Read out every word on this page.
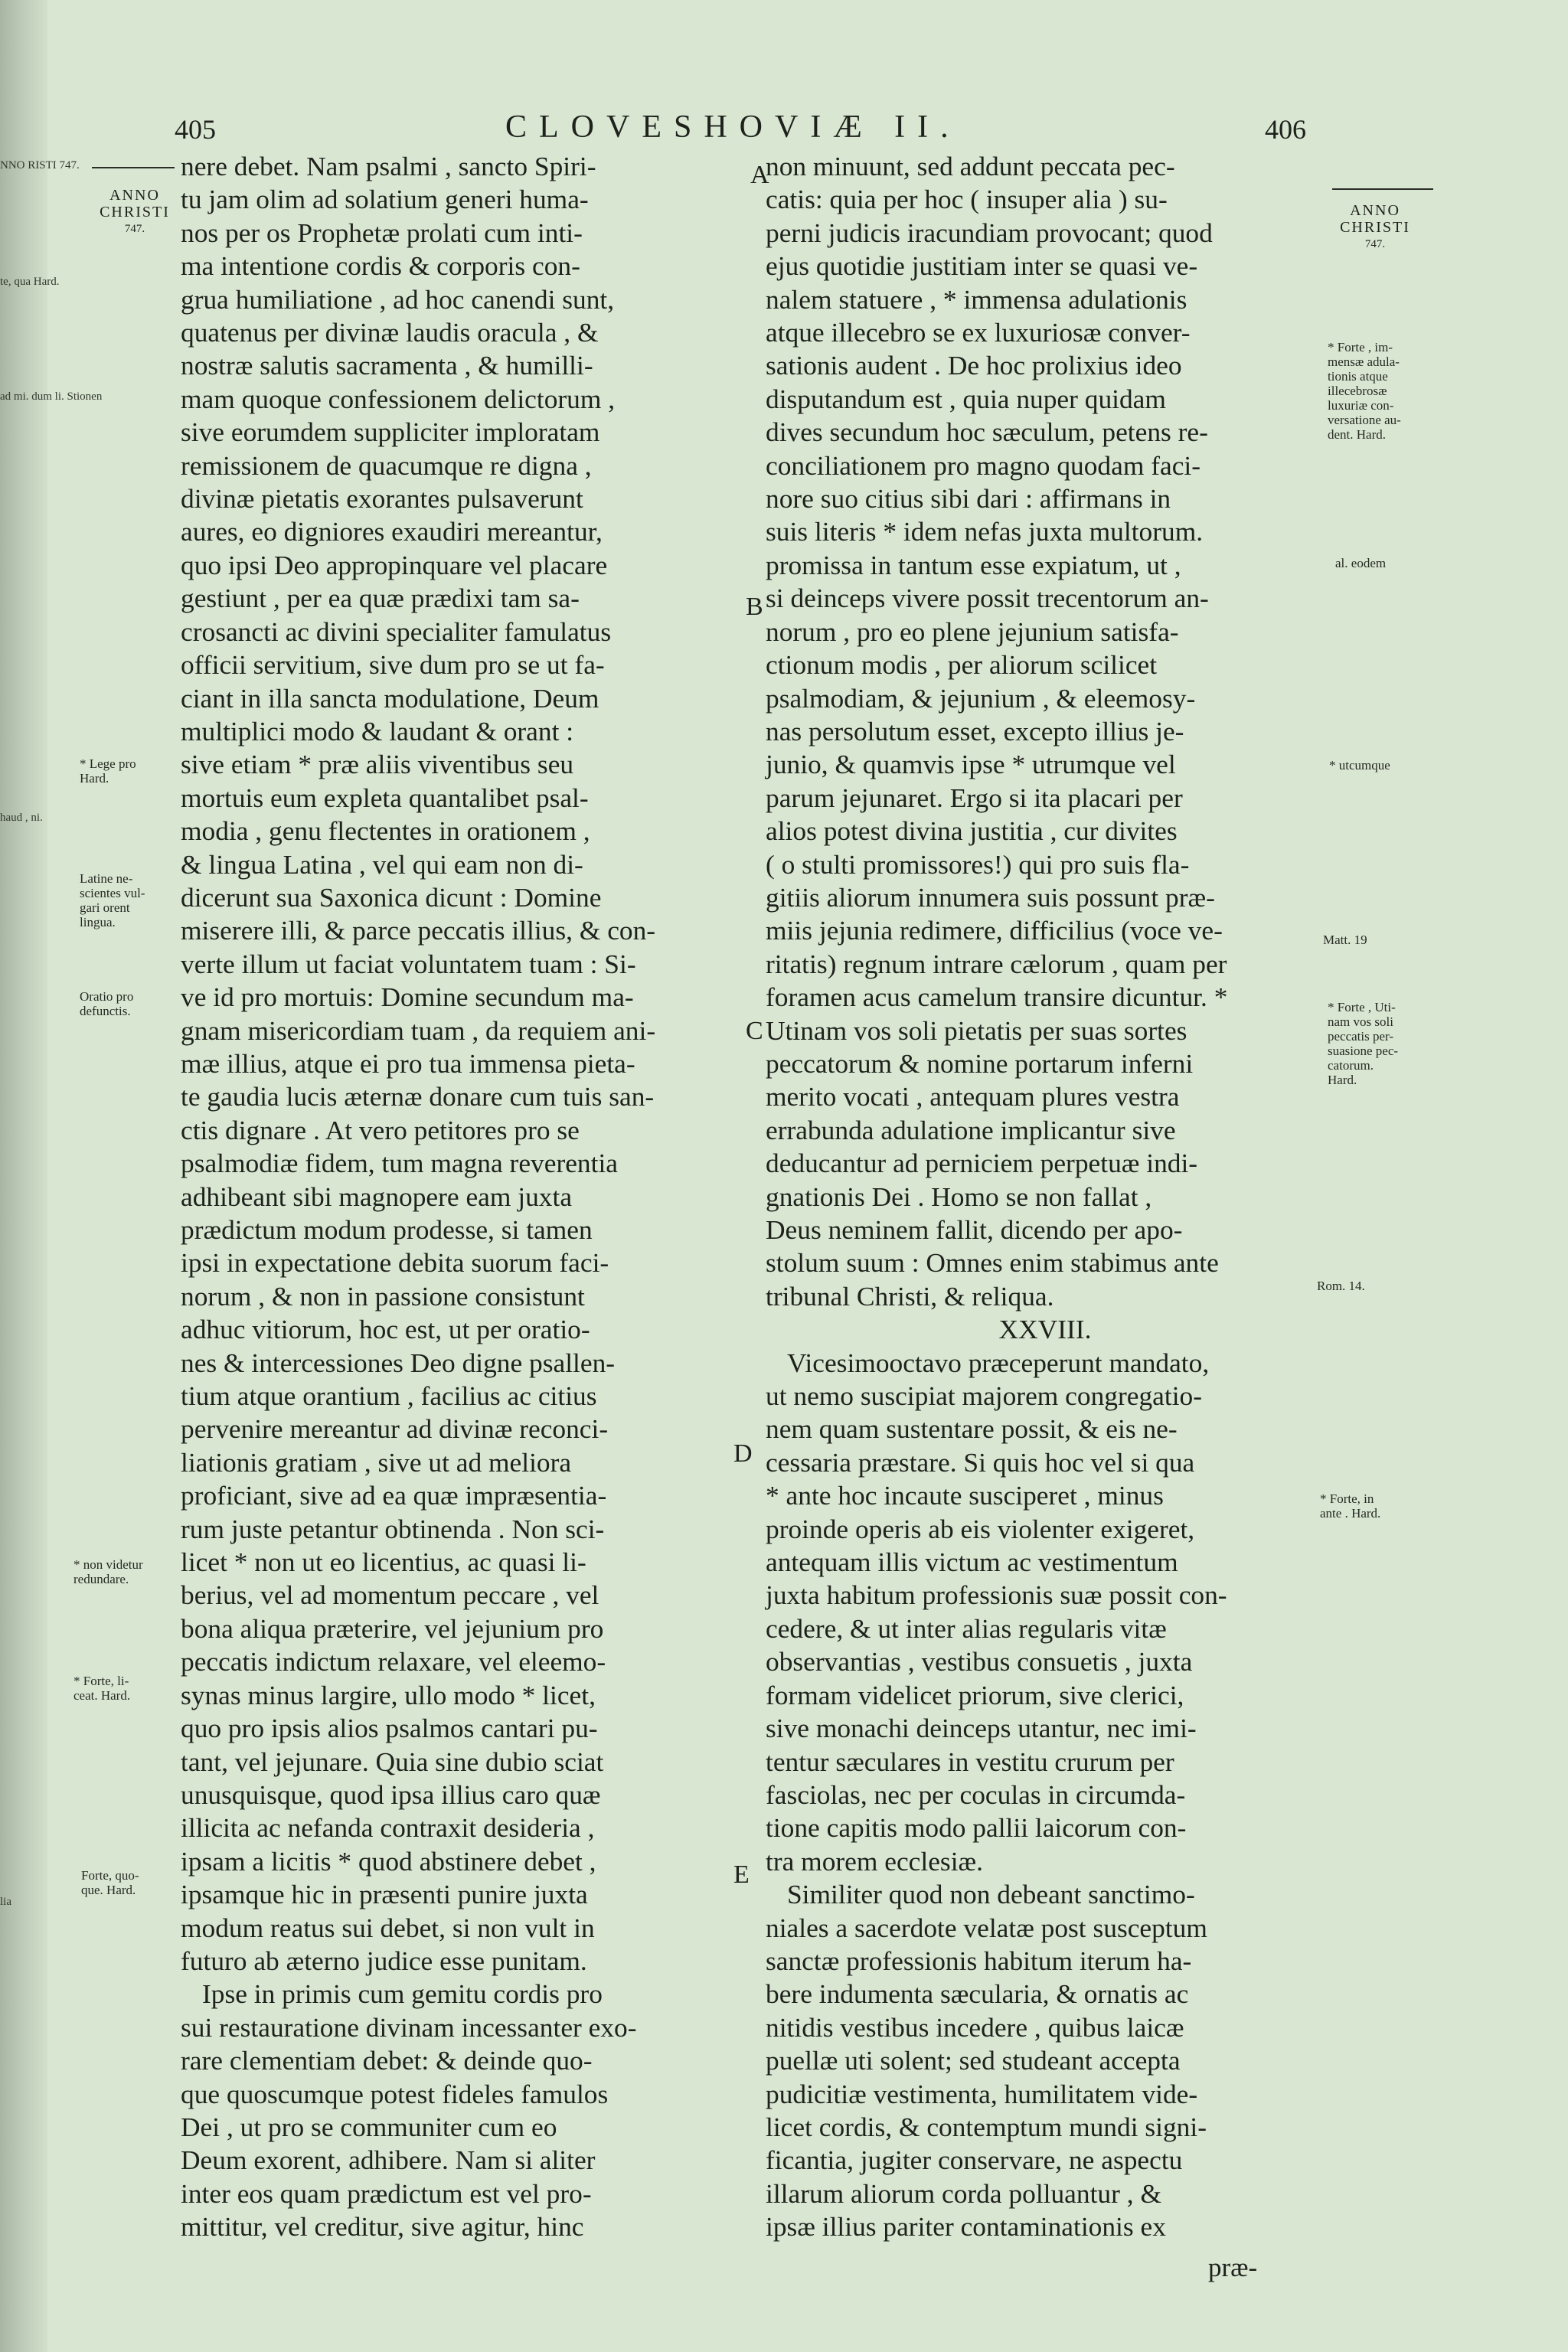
NNO RISTI 747.
te, qua Hard.
ad mi. dum li. Stionen
haud , ni.
lia
405	CLOVESHOVIÆ II.	406
ANNO
CHRISTI
747.
ANNO
CHRISTI
747.

nere debet. Nam psalmi , sancto Spiri-

tu jam olim ad solatium generi huma-

nos per os Prophetæ prolati cum inti-

ma intentione cordis & corporis con-

grua humiliatione , ad hoc canendi sunt,

quatenus per divinæ laudis oracula , &

nostræ salutis sacramenta , & humilli-

mam quoque confessionem delictorum ,

sive eorumdem suppliciter imploratam

remissionem de quacumque re digna ,

divinæ pietatis exorantes pulsaverunt

aures, eo digniores exaudiri mereantur,

quo ipsi Deo appropinquare vel placare

gestiunt , per ea quæ prædixi tam sa-

crosancti ac divini specialiter famulatus

officii servitium, sive dum pro se ut fa-

ciant in illa sancta modulatione, Deum

multiplici modo & laudant & orant :

sive etiam * præ aliis viventibus seu

mortuis eum expleta quantalibet psal-

modia , genu flectentes in orationem ,

& lingua Latina , vel qui eam non di-

dicerunt sua Saxonica dicunt : Domine

miserere illi, & parce peccatis illius, & con-

verte illum ut faciat voluntatem tuam : Si-

ve id pro mortuis: Domine secundum ma-

gnam misericordiam tuam , da requiem ani-

mæ illius, atque ei pro tua immensa pieta-

te gaudia lucis æternæ donare cum tuis san-

ctis dignare . At vero petitores pro se

psalmodiæ fidem, tum magna reverentia

adhibeant sibi magnopere eam juxta

prædictum modum prodesse, si tamen

ipsi in expectatione debita suorum faci-

norum , & non in passione consistunt

adhuc vitiorum, hoc est, ut per oratio-

nes & intercessiones Deo digne psallen-

tium atque orantium , facilius ac citius

pervenire mereantur ad divinæ reconci-

liationis gratiam , sive ut ad meliora

proficiant, sive ad ea quæ impræsentia-

rum juste petantur obtinenda . Non sci-

licet * non ut eo licentius, ac quasi li-

berius, vel ad momentum peccare , vel

bona aliqua præterire, vel jejunium pro

peccatis indictum relaxare, vel eleemo-

synas minus largire, ullo modo * licet,

quo pro ipsis alios psalmos cantari pu-

tant, vel jejunare. Quia sine dubio sciat

unusquisque, quod ipsa illius caro quæ

illicita ac nefanda contraxit desideria ,

ipsam a licitis * quod abstinere debet ,

ipsamque hic in præsenti punire juxta

modum reatus sui debet, si non vult in

futuro ab æterno judice esse punitam.

Ipse in primis cum gemitu cordis pro

sui restauratione divinam incessanter exo-

rare clementiam debet: & deinde quo-

que quoscumque potest fideles famulos

Dei , ut pro se communiter cum eo

Deum exorent, adhibere. Nam si aliter

inter eos quam prædictum est vel pro-

mittitur, vel creditur, sive agitur, hinc

non minuunt, sed addunt peccata pec-

catis: quia per hoc ( insuper alia ) su-

perni judicis iracundiam provocant; quod

ejus quotidie justitiam inter se quasi ve-

nalem statuere , * immensa adulationis

atque illecebro se ex luxuriosæ conver-

sationis audent . De hoc prolixius ideo

disputandum est , quia nuper quidam

dives secundum hoc sæculum, petens re-

conciliationem pro magno quodam faci-

nore suo citius sibi dari : affirmans in

suis literis * idem nefas juxta multorum.

promissa in tantum esse expiatum, ut ,

si deinceps vivere possit trecentorum an-

norum , pro eo plene jejunium satisfa-

ctionum modis , per aliorum scilicet

psalmodiam, & jejunium , & eleemosy-

nas persolutum esset, excepto illius je-

junio, & quamvis ipse * utrumque vel

parum jejunaret. Ergo si ita placari per

alios potest divina justitia , cur divites

( o stulti promissores!) qui pro suis fla-

gitiis aliorum innumera suis possunt præ-

miis jejunia redimere, difficilius (voce ve-

ritatis) regnum intrare cælorum , quam per

foramen acus camelum transire dicuntur. *

Utinam vos soli pietatis per suas sortes

peccatorum & nomine portarum inferni

merito vocati , antequam plures vestra

errabunda adulatione implicantur sive

deducantur ad perniciem perpetuæ indi-

gnationis Dei . Homo se non fallat ,

Deus neminem fallit, dicendo per apo-

stolum suum : Omnes enim stabimus ante

tribunal Christi, & reliqua.

XXVIII.

Vicesimooctavo præceperunt mandato,

ut nemo suscipiat majorem congregatio-

nem quam sustentare possit, & eis ne-

cessaria præstare. Si quis hoc vel si qua

* ante hoc incaute susciperet , minus

proinde operis ab eis violenter exigeret,

antequam illis victum ac vestimentum

juxta habitum professionis suæ possit con-

cedere, & ut inter alias regularis vitæ

observantias , vestibus consuetis , juxta

formam videlicet priorum, sive clerici,

sive monachi deinceps utantur, nec imi-

tentur sæculares in vestitu crurum per

fasciolas, nec per coculas in circumda-

tione capitis modo pallii laicorum con-

tra morem ecclesiæ.

Similiter quod non debeant sanctimo-

niales a sacerdote velatæ post susceptum

sanctæ professionis habitum iterum ha-

bere indumenta sæcularia, & ornatis ac

nitidis vestibus incedere , quibus laicæ

puellæ uti solent; sed studeant accepta

pudicitiæ vestimenta, humilitatem vide-

licet cordis, & contemptum mundi signi-

ficantia, jugiter conservare, ne aspectu

illarum aliorum corda polluantur , &

ipsæ illius pariter contaminationis ex

præ-
A
B
C
D
E
* Lege pro
Hard.
Latine ne-
scientes vul-
gari orent
lingua.
Oratio pro
defunctis.
* non videtur
redundare.
* Forte, li-
ceat. Hard.
Forte, quo-
que. Hard.
* Forte , im-
mensæ adula-
tionis atque
illecebrosæ
luxuriæ con-
versatione au-
dent. Hard.
al. eodem
* utcumque
Matt. 19
* Forte , Uti-
nam vos soli
peccatis per-
suasione pec-
catorum.
Hard.
Rom. 14.
* Forte, in
ante . Hard.
